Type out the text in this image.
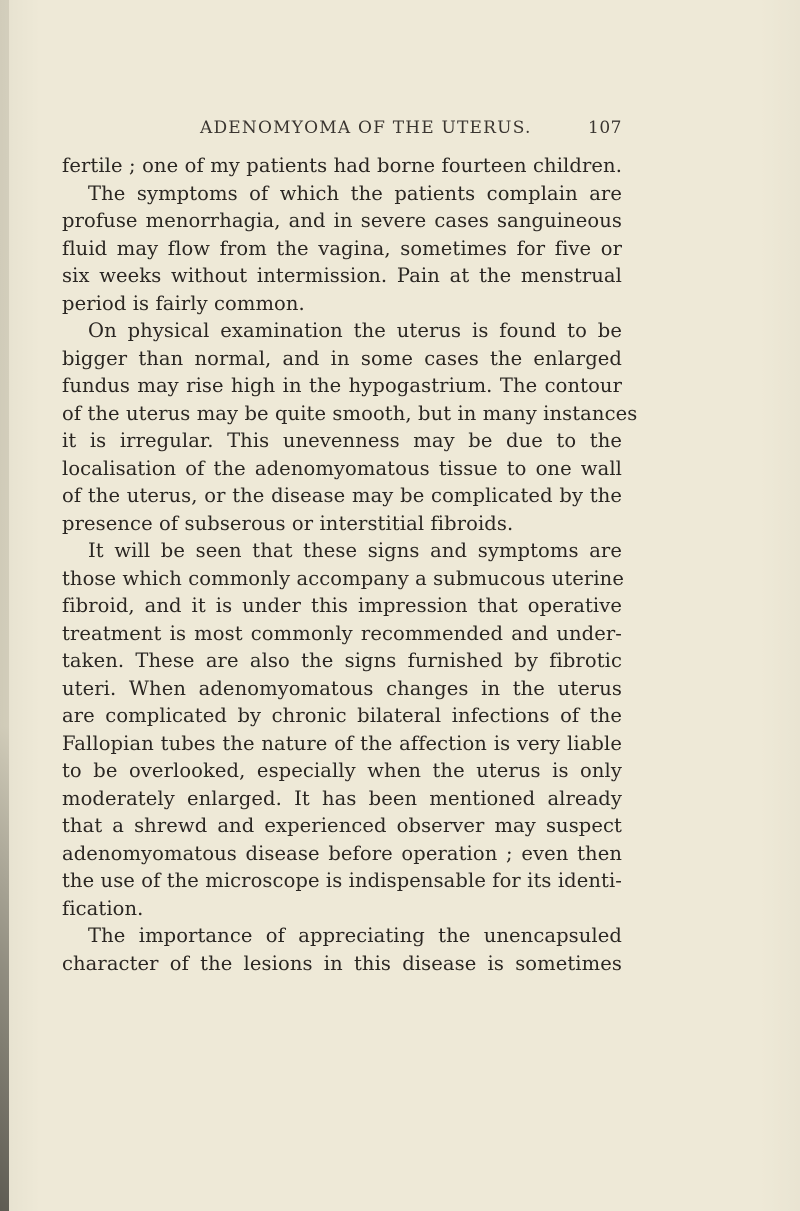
ADENOMYOMA OF THE UTERUS.	107
fertile ; one of my patients had borne fourteen children.
The symptoms of which the patients complain are
profuse menorrhagia, and in severe cases sanguineous
fluid may flow from the vagina, sometimes for five or
six weeks without intermission. Pain at the menstrual
period is fairly common.
On physical examination the uterus is found to be
bigger than normal, and in some cases the enlarged
fundus may rise high in the hypogastrium. The contour
of the uterus may be quite smooth, but in many instances
it is irregular. This unevenness may be due to the
localisation of the adenomyomatous tissue to one wall
of the uterus, or the disease may be complicated by the
presence of subserous or interstitial fibroids.
It will be seen that these signs and symptoms are
those which commonly accompany a submucous uterine
fibroid, and it is under this impression that operative
treatment is most commonly recommended and under-
taken. These are also the signs furnished by fibrotic
uteri. When adenomyomatous changes in the uterus
are complicated by chronic bilateral infections of the
Fallopian tubes the nature of the affection is very liable
to be overlooked, especially when the uterus is only
moderately enlarged. It has been mentioned already
that a shrewd and experienced observer may suspect
adenomyomatous disease before operation ; even then
the use of the microscope is indispensable for its identi-
fication.
The importance of appreciating the unencapsuled
character of the lesions in this disease is sometimes
